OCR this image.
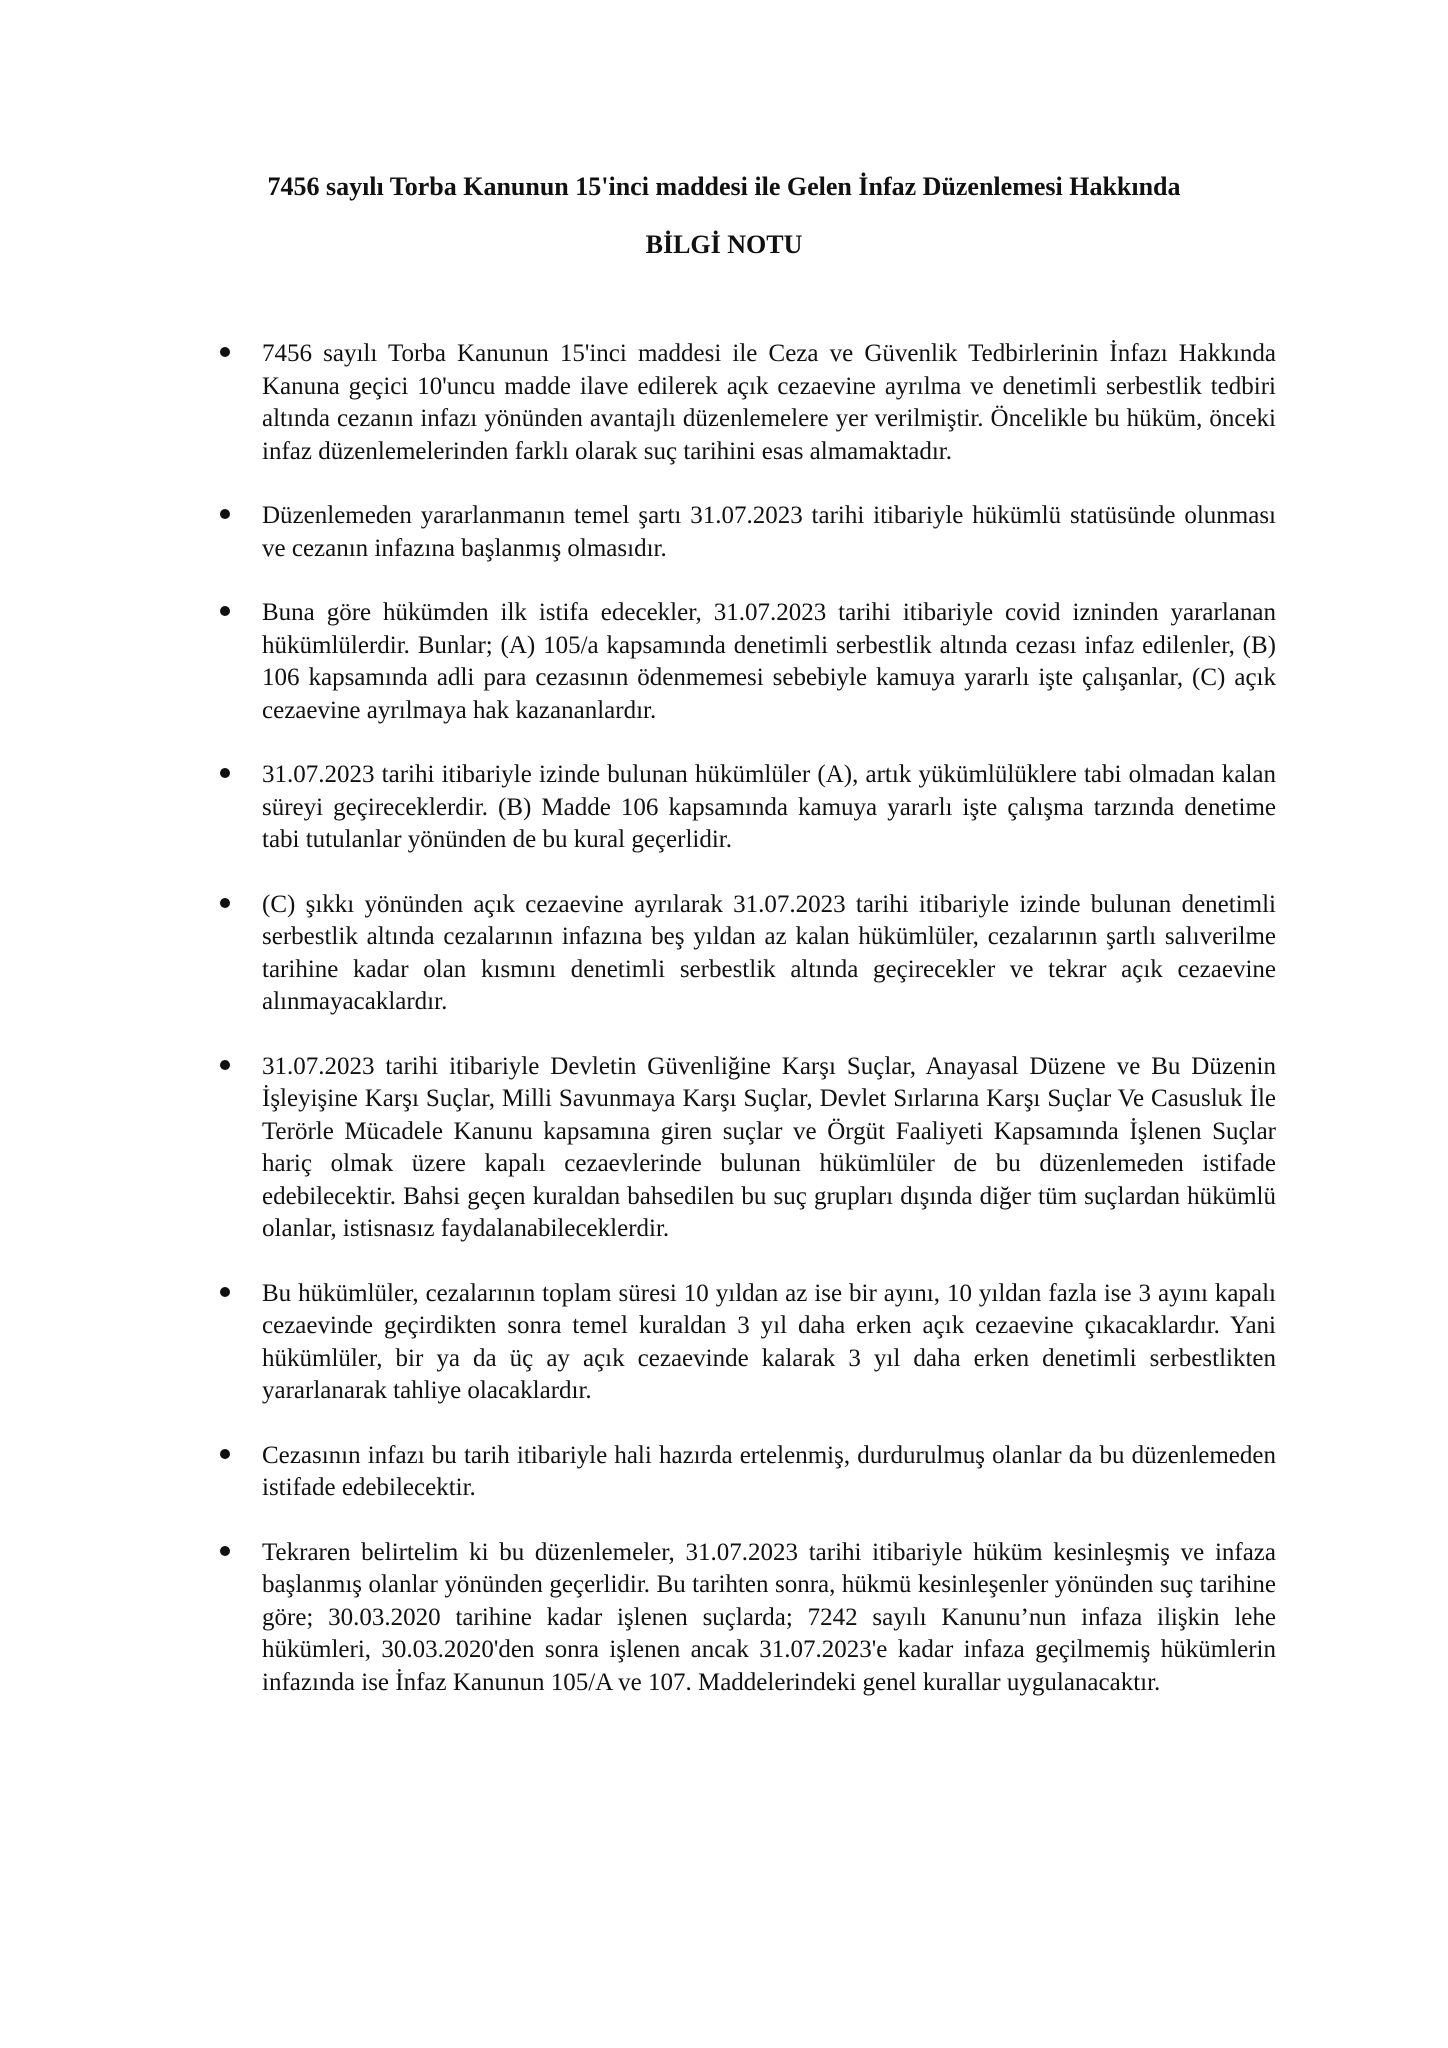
7456 sayılı Torba Kanunun 15'inci maddesi ile Gelen İnfaz Düzenlemesi Hakkında
BİLGİ NOTU
7456 sayılı Torba Kanunun 15'inci maddesi ile Ceza ve Güvenlik Tedbirlerinin İnfazı Hakkında Kanuna geçici 10'uncu madde ilave edilerek açık cezaevine ayrılma ve denetimli serbestlik tedbiri altında cezanın infazı yönünden avantajlı düzenlemelere yer verilmiştir. Öncelikle bu hüküm, önceki infaz düzenlemelerinden farklı olarak suç tarihini esas almamaktadır.
Düzenlemeden yararlanmanın temel şartı 31.07.2023 tarihi itibariyle hükümlü statüsünde olunması ve cezanın infazına başlanmış olmasıdır.
Buna göre hükümden ilk istifa edecekler, 31.07.2023 tarihi itibariyle covid izninden yararlanan hükümlülerdir. Bunlar; (A) 105/a kapsamında denetimli serbestlik altında cezası infaz edilenler, (B) 106 kapsamında adli para cezasının ödenmemesi sebebiyle kamuya yararlı işte çalışanlar, (C) açık cezaevine ayrılmaya hak kazananlardır.
31.07.2023 tarihi itibariyle izinde bulunan hükümlüler (A), artık yükümlülüklere tabi olmadan kalan süreyi geçireceklerdir. (B) Madde 106 kapsamında kamuya yararlı işte çalışma tarzında denetime tabi tutulanlar yönünden de bu kural geçerlidir.
(C) şıkkı yönünden açık cezaevine ayrılarak 31.07.2023 tarihi itibariyle izinde bulunan denetimli serbestlik altında cezalarının infazına beş yıldan az kalan hükümlüler, cezalarının şartlı salıverilme tarihine kadar olan kısmını denetimli serbestlik altında geçirecekler ve tekrar açık cezaevine alınmayacaklardır.
31.07.2023 tarihi itibariyle Devletin Güvenliğine Karşı Suçlar, Anayasal Düzene ve Bu Düzenin İşleyişine Karşı Suçlar, Milli Savunmaya Karşı Suçlar, Devlet Sırlarına Karşı Suçlar Ve Casusluk İle Terörle Mücadele Kanunu kapsamına giren suçlar ve Örgüt Faaliyeti Kapsamında İşlenen Suçlar hariç olmak üzere kapalı cezaevlerinde bulunan hükümlüler de bu düzenlemeden istifade edebilecektir. Bahsi geçen kuraldan bahsedilen bu suç grupları dışında diğer tüm suçlardan hükümlü olanlar, istisnasız faydalanabileceklerdir.
Bu hükümlüler, cezalarının toplam süresi 10 yıldan az ise bir ayını, 10 yıldan fazla ise 3 ayını kapalı cezaevinde geçirdikten sonra temel kuraldan 3 yıl daha erken açık cezaevine çıkacaklardır. Yani hükümlüler, bir ya da üç ay açık cezaevinde kalarak 3 yıl daha erken denetimli serbestlikten yararlanarak tahliye olacaklardır.
Cezasının infazı bu tarih itibariyle hali hazırda ertelenmiş, durdurulmuş olanlar da bu düzenlemeden istifade edebilecektir.
Tekraren belirtelim ki bu düzenlemeler, 31.07.2023 tarihi itibariyle hüküm kesinleşmiş ve infaza başlanmış olanlar yönünden geçerlidir. Bu tarihten sonra, hükmü kesinleşenler yönünden suç tarihine göre; 30.03.2020 tarihine kadar işlenen suçlarda; 7242 sayılı Kanunu’nun infaza ilişkin lehe hükümleri, 30.03.2020'den sonra işlenen ancak 31.07.2023'e kadar infaza geçilmemiş hükümlerin infazında ise İnfaz Kanunun 105/A ve 107. Maddelerindeki genel kurallar uygulanacaktır.
